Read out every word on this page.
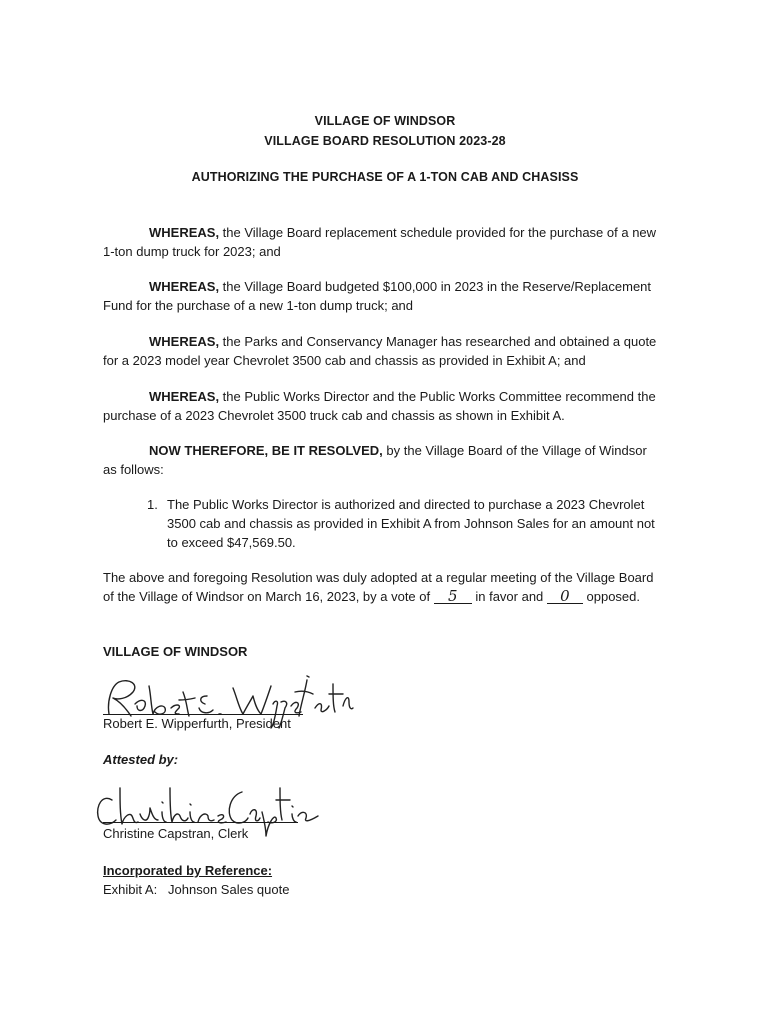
VILLAGE OF WINDSOR
VILLAGE BOARD RESOLUTION 2023-28
AUTHORIZING THE PURCHASE OF A 1-TON CAB AND CHASISS
WHEREAS, the Village Board replacement schedule provided for the purchase of a new 1-ton dump truck for 2023; and
WHEREAS, the Village Board budgeted $100,000 in 2023 in the Reserve/Replacement Fund for the purchase of a new 1-ton dump truck; and
WHEREAS, the Parks and Conservancy Manager has researched and obtained a quote for a 2023 model year Chevrolet 3500 cab and chassis as provided in Exhibit A; and
WHEREAS, the Public Works Director and the Public Works Committee recommend the purchase of a 2023 Chevrolet 3500 truck cab and chassis as shown in Exhibit A.
NOW THEREFORE, BE IT RESOLVED, by the Village Board of the Village of Windsor as follows:
1. The Public Works Director is authorized and directed to purchase a 2023 Chevrolet 3500 cab and chassis as provided in Exhibit A from Johnson Sales for an amount not to exceed $47,569.50.
The above and foregoing Resolution was duly adopted at a regular meeting of the Village Board of the Village of Windsor on March 16, 2023, by a vote of 5 in favor and 0 opposed.
VILLAGE OF WINDSOR
Robert E. Wipperfurth, President
Attested by:
Christine Capstran, Clerk
Incorporated by Reference:
Exhibit A:   Johnson Sales quote
